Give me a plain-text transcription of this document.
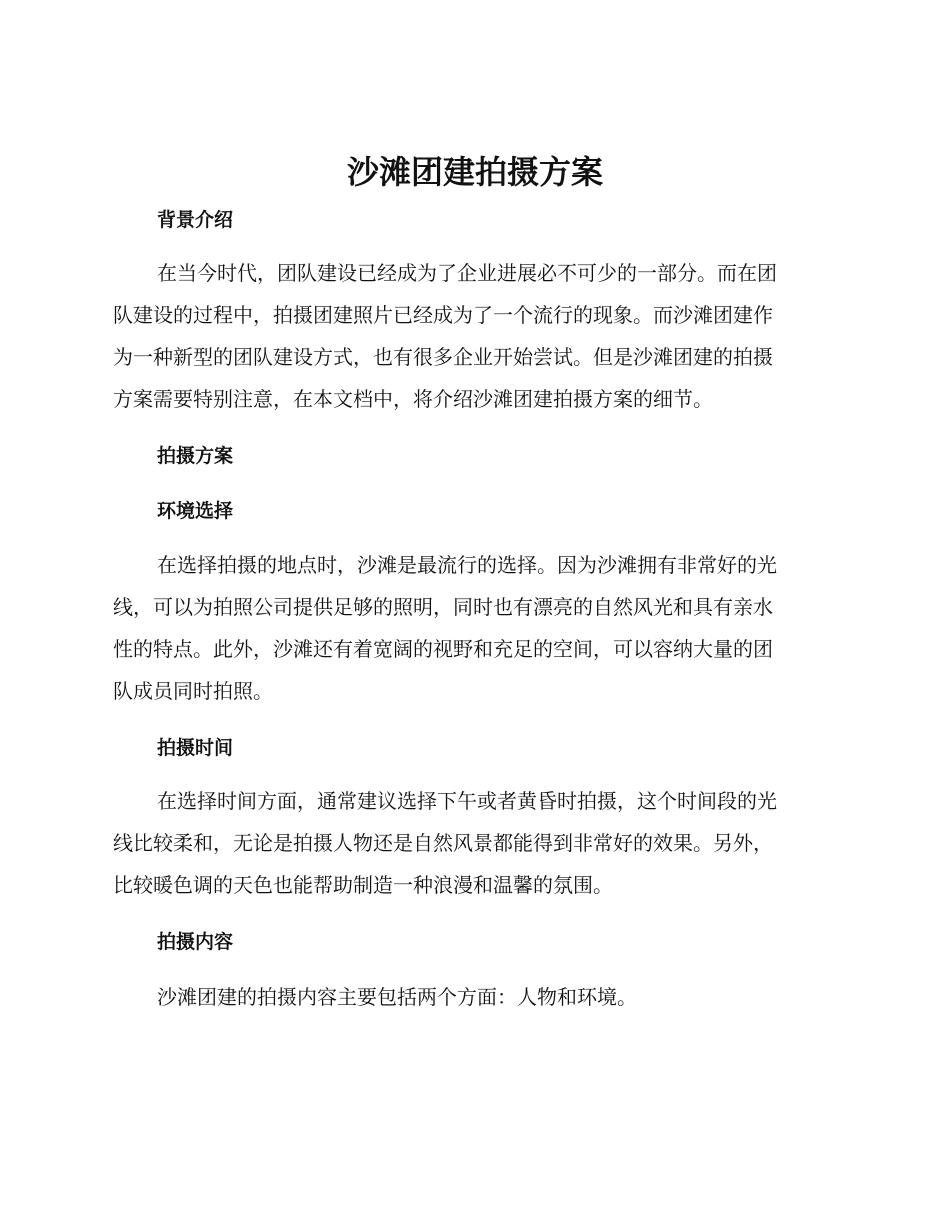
沙滩团建拍摄方案
背景介绍
在当今时代，团队建设已经成为了企业进展必不可少的一部分。而在团
队建设的过程中，拍摄团建照片已经成为了一个流行的现象。而沙滩团建作
为一种新型的团队建设方式，也有很多企业开始尝试。但是沙滩团建的拍摄
方案需要特别注意，在本文档中，将介绍沙滩团建拍摄方案的细节。
拍摄方案
环境选择
在选择拍摄的地点时，沙滩是最流行的选择。因为沙滩拥有非常好的光
线，可以为拍照公司提供足够的照明，同时也有漂亮的自然风光和具有亲水
性的特点。此外，沙滩还有着宽阔的视野和充足的空间，可以容纳大量的团
队成员同时拍照。
拍摄时间
在选择时间方面，通常建议选择下午或者黄昏时拍摄，这个时间段的光
线比较柔和，无论是拍摄人物还是自然风景都能得到非常好的效果。另外，
比较暖色调的天色也能帮助制造一种浪漫和温馨的氛围。
拍摄内容
沙滩团建的拍摄内容主要包括两个方面：人物和环境。
